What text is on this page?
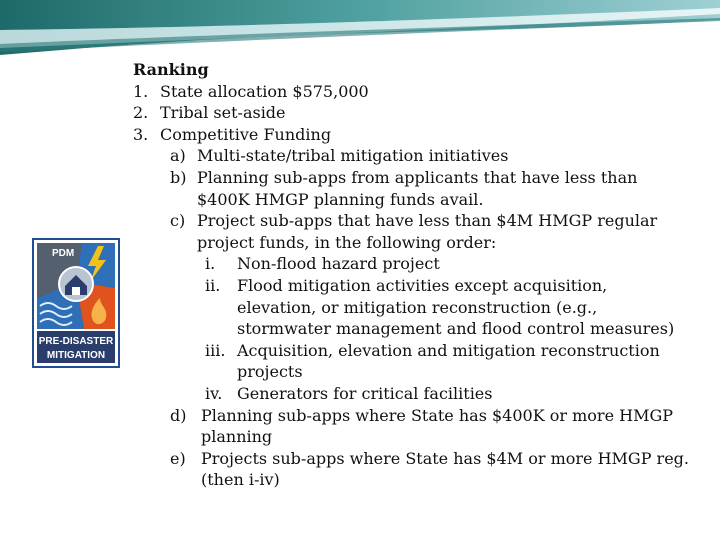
PDM
PRE-DISASTER
MITIGATION
Ranking
1. State allocation $575,000

2. Tribal set-aside

3. Competitive Funding

a) Multi-state/tribal mitigation initiatives

b) Planning sub-apps from applicants that have less than

$400K HMGP planning funds avail.

c) Project sub-apps that have less than $4M HMGP regular

project funds, in the following order:

i. Non-flood hazard project

ii. Flood mitigation activities except acquisition,

elevation, or mitigation reconstruction (e.g.,

stormwater management and flood control measures)

iii. Acquisition, elevation and mitigation reconstruction

projects

iv. Generators for critical facilities

d) Planning sub-apps where State has $400K or more HMGP

planning

e) Projects sub-apps where State has $4M or more HMGP reg.

(then i-iv)
